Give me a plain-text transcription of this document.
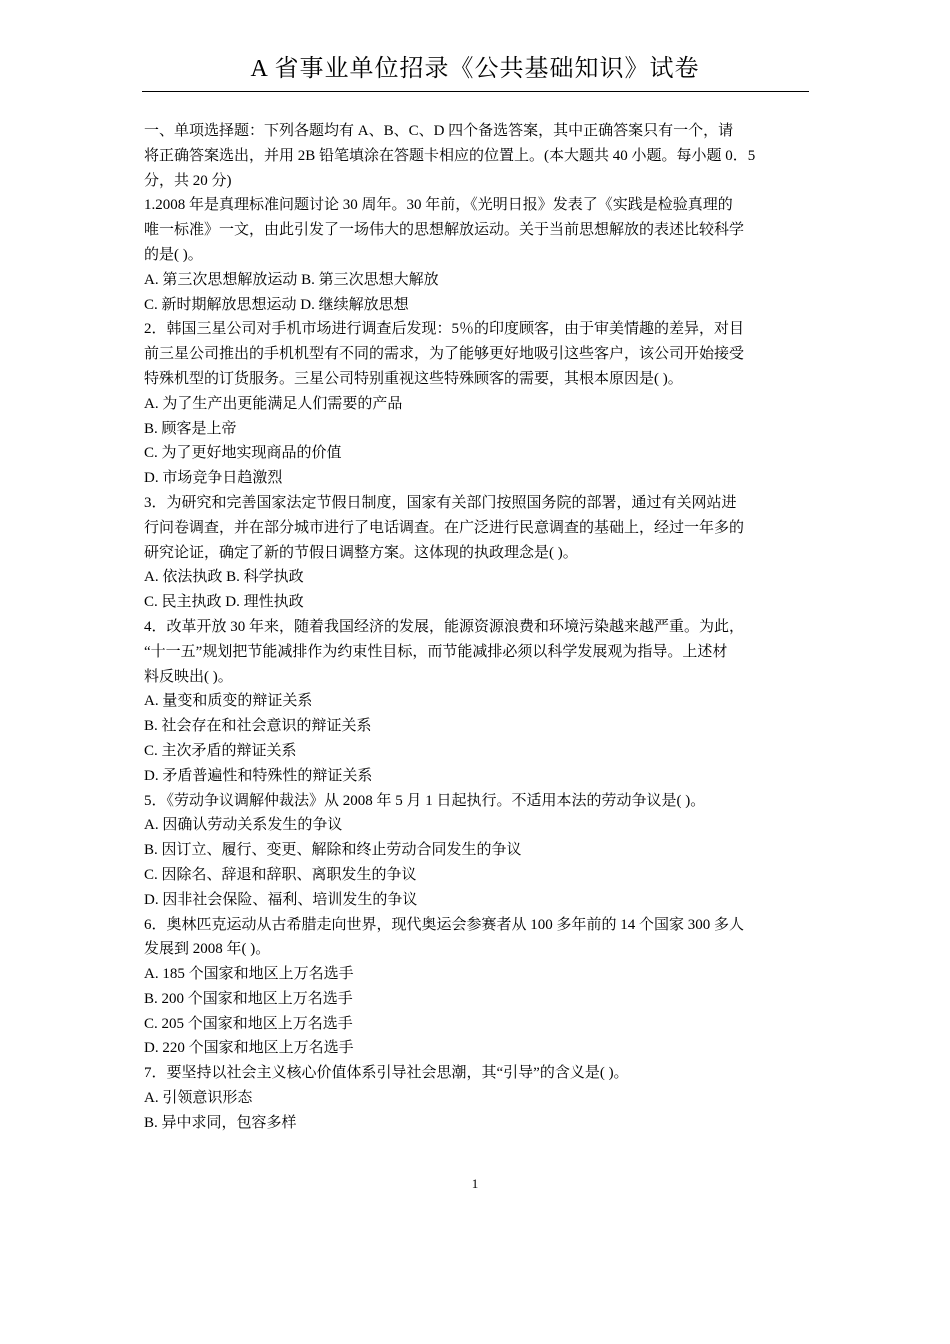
A 省事业单位招录《公共基础知识》试卷
一、单项选择题：下列各题均有 A、B、C、D 四个备选答案，其中正确答案只有一个，请
将正确答案选出，并用 2B 铅笔填涂在答题卡相应的位置上。(本大题共 40 小题。每小题 0．5
分，共 20 分)
1.2008 年是真理标准问题讨论 30 周年。30 年前，《光明日报》发表了《实践是检验真理的
唯一标准》一文，由此引发了一场伟大的思想解放运动。关于当前思想解放的表述比较科学
的是( )。
A. 第三次思想解放运动 B. 第三次思想大解放
C. 新时期解放思想运动 D. 继续解放思想
2．韩国三星公司对手机市场进行调查后发现：5％的印度顾客，由于审美情趣的差异，对目
前三星公司推出的手机机型有不同的需求，为了能够更好地吸引这些客户，该公司开始接受
特殊机型的订货服务。三星公司特别重视这些特殊顾客的需要，其根本原因是( )。
A. 为了生产出更能满足人们需要的产品
B. 顾客是上帝
C. 为了更好地实现商品的价值
D. 市场竞争日趋激烈
3．为研究和完善国家法定节假日制度，国家有关部门按照国务院的部署，通过有关网站进
行问卷调查，并在部分城市进行了电话调查。在广泛进行民意调查的基础上，经过一年多的
研究论证，确定了新的节假日调整方案。这体现的执政理念是( )。
A. 依法执政 B. 科学执政
C. 民主执政 D. 理性执政
4．改革开放 30 年来，随着我国经济的发展，能源资源浪费和环境污染越来越严重。为此，
“十一五”规划把节能减排作为约束性目标，而节能减排必须以科学发展观为指导。上述材
料反映出( )。
A. 量变和质变的辩证关系
B. 社会存在和社会意识的辩证关系
C. 主次矛盾的辩证关系
D. 矛盾普遍性和特殊性的辩证关系
5．《劳动争议调解仲裁法》从 2008 年 5 月 1 日起执行。不适用本法的劳动争议是( )。
A. 因确认劳动关系发生的争议
B. 因订立、履行、变更、解除和终止劳动合同发生的争议
C. 因除名、辞退和辞职、离职发生的争议
D. 因非社会保险、福利、培训发生的争议
6．奥林匹克运动从古希腊走向世界，现代奥运会参赛者从 100 多年前的 14 个国家 300 多人
发展到 2008 年( )。
A. 185 个国家和地区上万名选手
B. 200 个国家和地区上万名选手
C. 205 个国家和地区上万名选手
D. 220 个国家和地区上万名选手
7．要坚持以社会主义核心价值体系引导社会思潮，其“引导”的含义是( )。
A. 引领意识形态
B. 异中求同，包容多样
1
